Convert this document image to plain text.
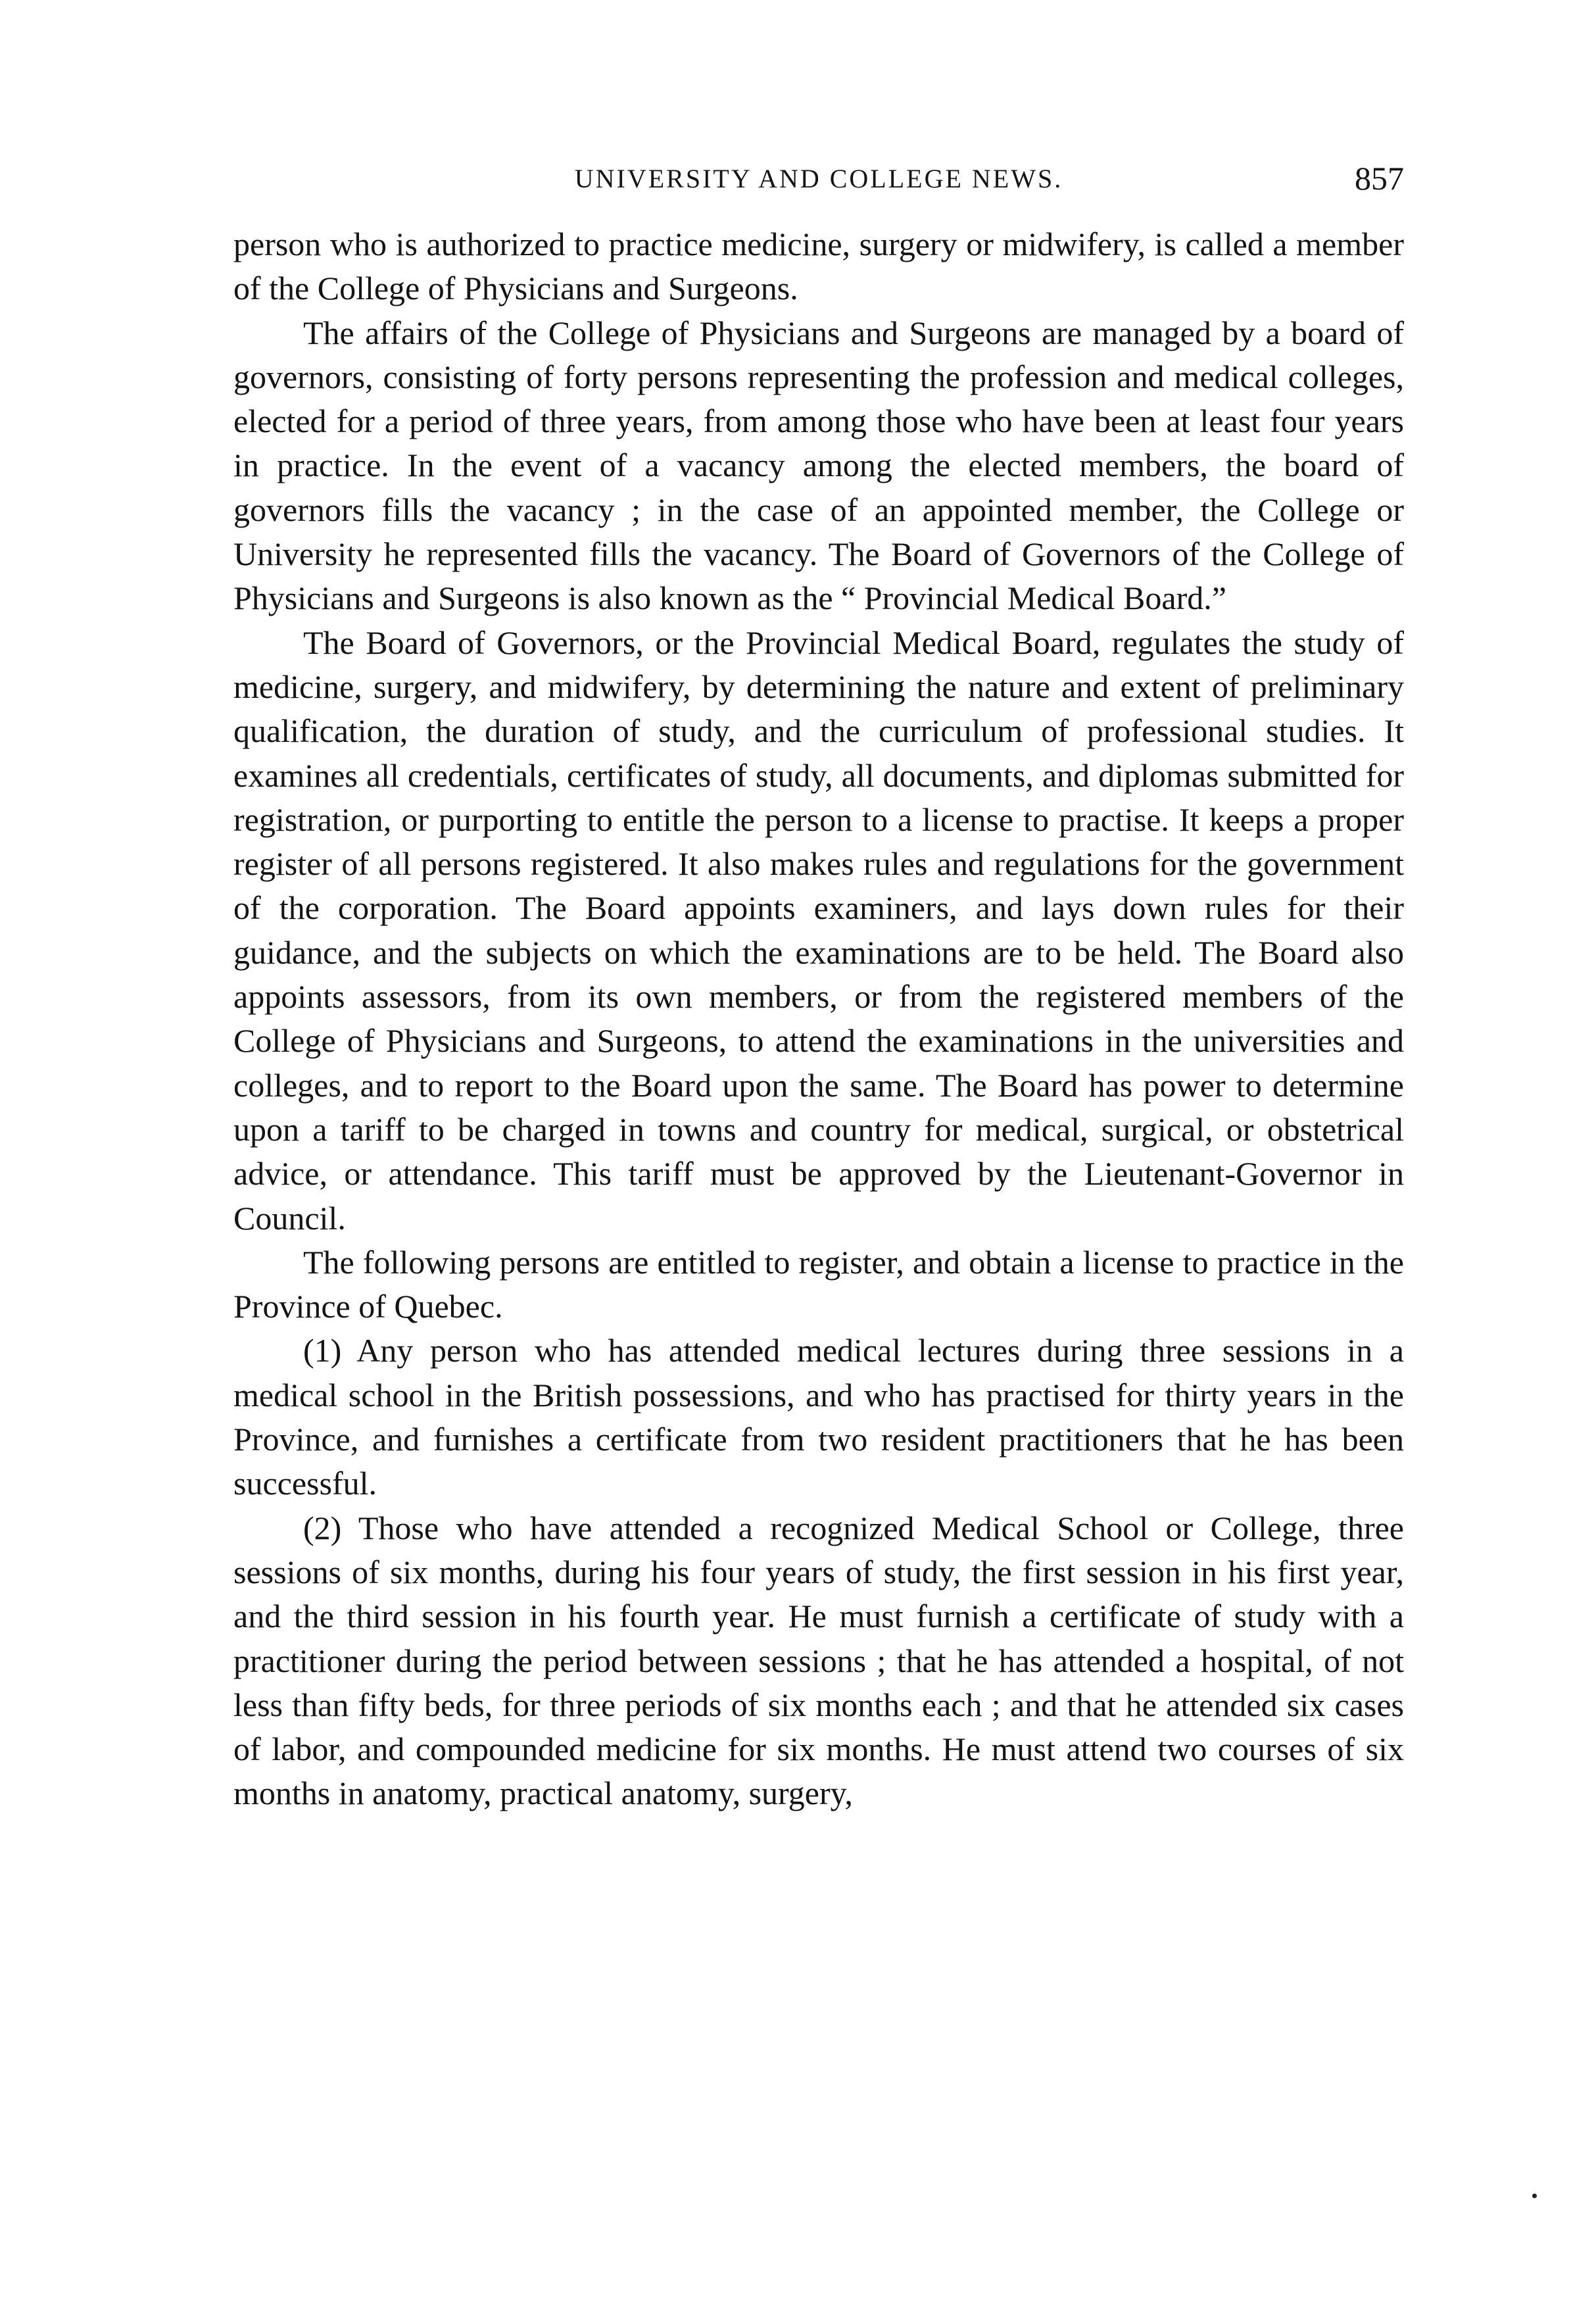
UNIVERSITY AND COLLEGE NEWS.	857

person who is authorized to practice medicine, surgery or midwifery, is called a member of the College of Physicians and Surgeons.

The affairs of the College of Physicians and Surgeons are managed by a board of governors, consisting of forty persons representing the profession and medical colleges, elected for a period of three years, from among those who have been at least four years in practice. In the event of a vacancy among the elected members, the board of governors fills the vacancy ; in the case of an appointed member, the College or University he represented fills the vacancy. The Board of Governors of the College of Physicians and Surgeons is also known as the “ Provincial Medical Board.”

The Board of Governors, or the Provincial Medical Board, regulates the study of medicine, surgery, and midwifery, by determining the nature and extent of preliminary qualification, the duration of study, and the curriculum of professional studies. It examines all credentials, certificates of study, all documents, and diplomas submitted for registration, or purporting to entitle the person to a license to practise. It keeps a proper register of all persons registered. It also makes rules and regulations for the government of the corporation. The Board appoints examiners, and lays down rules for their guidance, and the subjects on which the examinations are to be held. The Board also appoints assessors, from its own members, or from the registered members of the College of Physicians and Surgeons, to attend the examinations in the universities and colleges, and to report to the Board upon the same. The Board has power to determine upon a tariff to be charged in towns and country for medical, surgical, or obstetrical advice, or attendance. This tariff must be approved by the Lieutenant-Governor in Council.

The following persons are entitled to register, and obtain a license to practice in the Province of Quebec.

(1) Any person who has attended medical lectures during three sessions in a medical school in the British possessions, and who has practised for thirty years in the Province, and furnishes a certificate from two resident practitioners that he has been successful.

(2) Those who have attended a recognized Medical School or College, three sessions of six months, during his four years of study, the first session in his first year, and the third session in his fourth year. He must furnish a certificate of study with a practitioner during the period between sessions ; that he has attended a hospital, of not less than fifty beds, for three periods of six months each ; and that he attended six cases of labor, and compounded medicine for six months. He must attend two courses of six months in anatomy, practical anatomy, surgery,
